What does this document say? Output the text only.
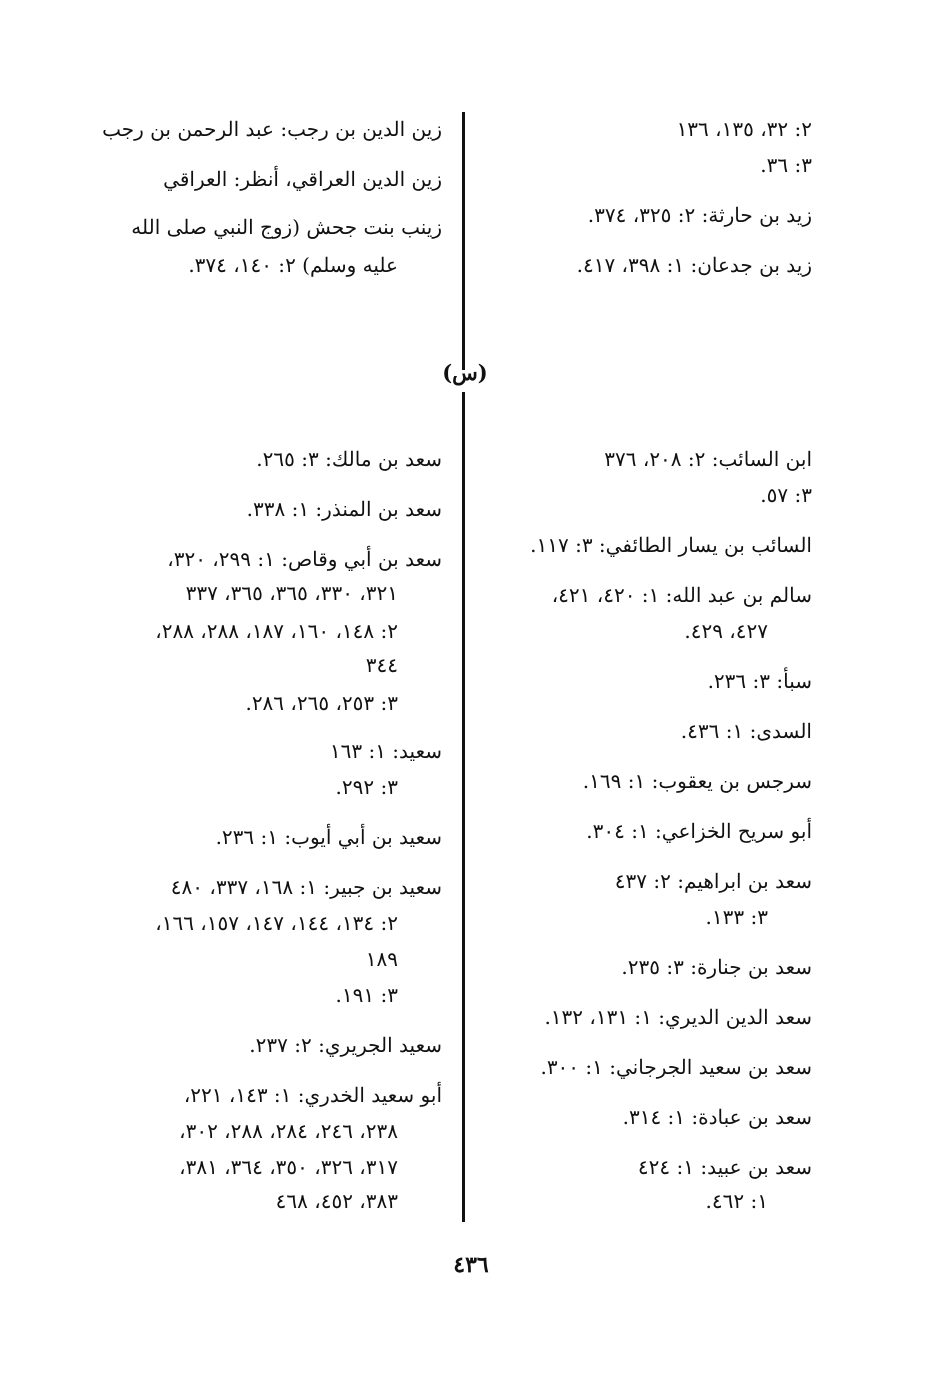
٢: ٣٢، ١٣٥، ١٣٦
٣: ٣٦.
زيد بن حارثة: ٢: ٣٢٥، ٣٧٤.
زيد بن جدعان: ١: ٣٩٨، ٤١٧.
زين الدين بن رجب: عبد الرحمن بن رجب
زين الدين العراقي، أنظر: العراقي
زينب بنت جحش (زوج النبي صلى الله
عليه وسلم) ٢: ١٤٠، ٣٧٤.
(س)
ابن السائب: ٢: ٢٠٨، ٣٧٦
٣: ٥٧.
السائب بن يسار الطائفي: ٣: ١١٧.
سالم بن عبد الله: ١: ٤٢٠، ٤٢١،
٤٢٧، ٤٢٩.
سبأ: ٣: ٢٣٦.
السدى: ١: ٤٣٦.
سرجس بن يعقوب: ١: ١٦٩.
أبو سريح الخزاعي: ١: ٣٠٤.
سعد بن ابراهيم: ٢: ٤٣٧
٣: ١٣٣.
سعد بن جنارة: ٣: ٢٣٥.
سعد الدين الديري: ١: ١٣١، ١٣٢.
سعد بن سعيد الجرجاني: ١: ٣٠٠.
سعد بن عبادة: ١: ٣١٤.
سعد بن عبيد: ١: ٤٢٤
١: ٤٦٢.
سعد بن مالك: ٣: ٢٦٥.
سعد بن المنذر: ١: ٣٣٨.
سعد بن أبي وقاص: ١: ٢٩٩، ٣٢٠،
٣٢١، ٣٣٠، ٣٦٥، ٣٦٥، ٣٣٧
٢: ١٤٨، ١٦٠، ١٨٧، ٢٨٨، ٢٨٨،
٣٤٤
٣: ٢٥٣، ٢٦٥، ٢٨٦.
سعيد: ١: ١٦٣
٣: ٢٩٢.
سعيد بن أبي أيوب: ١: ٢٣٦.
سعيد بن جبير: ١: ١٦٨، ٣٣٧، ٤٨٠
٢: ١٣٤، ١٤٤، ١٤٧، ١٥٧، ١٦٦،
١٨٩
٣: ١٩١.
سعيد الجريري: ٢: ٢٣٧.
أبو سعيد الخدري: ١: ١٤٣، ٢٢١،
٢٣٨، ٢٤٦، ٢٨٤، ٢٨٨، ٣٠٢،
٣١٧، ٣٢٦، ٣٥٠، ٣٦٤، ٣٨١،
٣٨٣، ٤٥٢، ٤٦٨
٤٣٦
